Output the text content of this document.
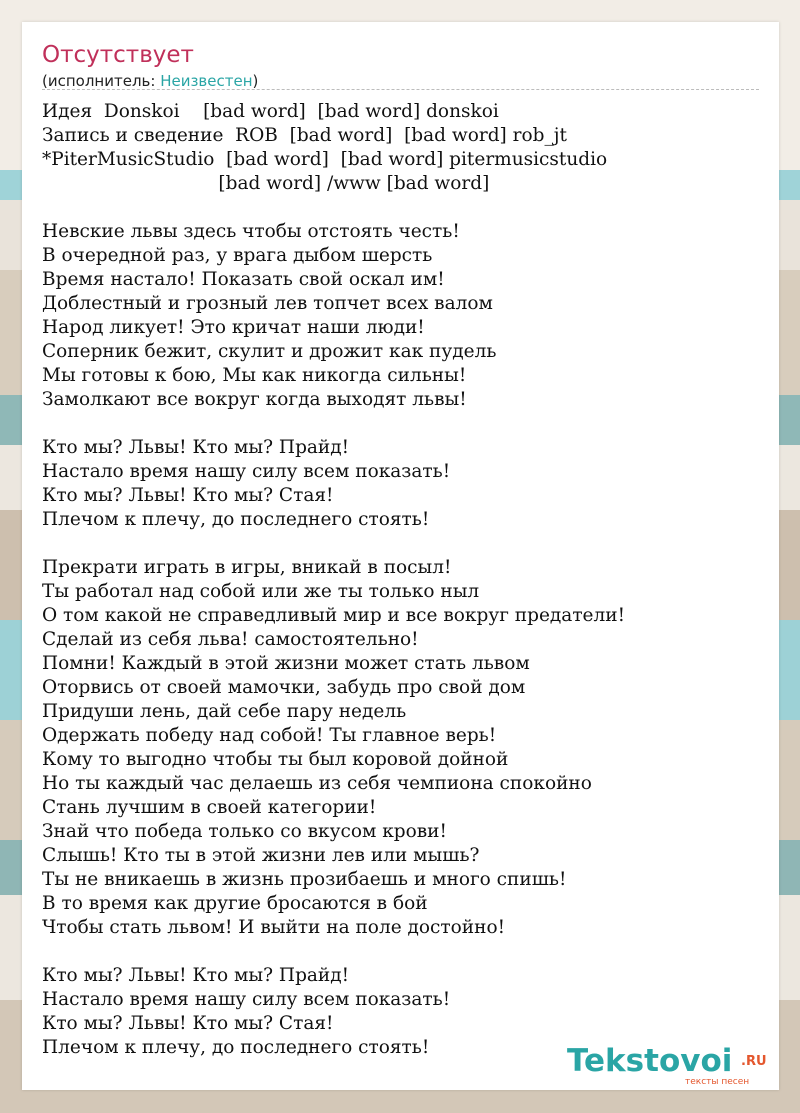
Отсутствует
(исполнитель: Неизвестен)
Идея  Donskoi    [bad word]  [bad word] donskoi
Запись и сведение  ROB  [bad word]  [bad word] rob_jt
*PiterMusicStudio  [bad word]  [bad word] pitermusicstudio
[bad word] /www [bad word]
Невские львы здесь чтобы отстоять честь!
В очередной раз, у врага дыбом шерсть
Время настало! Показать свой оскал им!
Доблестный и грозный лев топчет всех валом
Народ ликует! Это кричат наши люди!
Соперник бежит, скулит и дрожит как пудель
Мы готовы к бою, Мы как никогда сильны!
Замолкают все вокруг когда выходят львы!
Кто мы? Львы! Кто мы? Прайд!
Настало время нашу силу всем показать!
Кто мы? Львы! Кто мы? Стая!
Плечом к плечу, до последнего стоять!
Прекрати играть в игры, вникай в посыл!
Ты работал над собой или же ты только ныл
О том какой не справедливый мир и все вокруг предатели!
Сделай из себя льва! самостоятельно!
Помни! Каждый в этой жизни может стать львом
Оторвись от своей мамочки, забудь про свой дом
Придуши лень, дай себе пару недель
Одержать победу над собой! Ты главное верь!
Кому то выгодно чтобы ты был коровой дойной
Но ты каждый час делаешь из себя чемпиона спокойно
Стань лучшим в своей категории!
Знай что победа только со вкусом крови!
Слышь! Кто ты в этой жизни лев или мышь?
Ты не вникаешь в жизнь прозибаешь и много спишь!
В то время как другие бросаются в бой
Чтобы стать львом! И выйти на поле достойно!
Кто мы? Львы! Кто мы? Прайд!
Настало время нашу силу всем показать!
Кто мы? Львы! Кто мы? Стая!
Плечом к плечу, до последнего стоять!	Tekstovoi .RU
тексты песен
